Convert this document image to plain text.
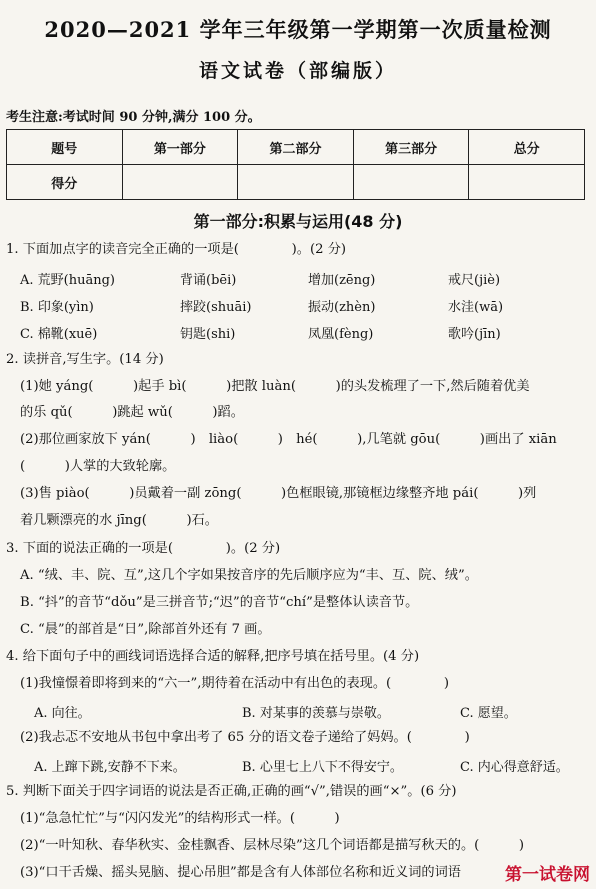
2020—2021 学年三年级第一学期第一次质量检测
语文试卷（部编版）
考生注意:考试时间 90 分钟,满分 100 分。
题号	第一部分	第二部分	第三部分	总分
得分				
第一部分:积累与运用(48 分)
1. 下面加点字的读音完全正确的一项是(　　　　)。(2 分)
A. 荒野(huāng)	背诵(bēi)	增加(zēng)	戒尺(jiè)
B. 印象(yìn)	摔跤(shuāi)	振动(zhèn)	水洼(wā)
C. 棉靴(xuē)	钥匙(shi)	凤凰(fèng)	歌吟(jīn)
2. 读拼音,写生字。(14 分)
(1)她 yáng(　　　)起手 bì(　　　)把散 luàn(　　　)的头发梳理了一下,然后随着优美
的乐 qǔ(　　　)跳起 wǔ(　　　)蹈。
(2)那位画家放下 yán(　　　)　liào(　　　)　hé(　　　),几笔就 gōu(　　　)画出了 xiān
(　　　)人掌的大致轮廓。
(3)售 piào(　　　)员戴着一副 zōng(　　　)色框眼镜,那镜框边缘整齐地 pái(　　　)列
着几颗漂亮的水 jīng(　　　)石。
3. 下面的说法正确的一项是(　　　　)。(2 分)
A. “绒、丰、院、互”,这几个字如果按音序的先后顺序应为“丰、互、院、绒”。
B. “抖”的音节“dǒu”是三拼音节;“迟”的音节“chí”是整体认读音节。
C. “晨”的部首是“日”,除部首外还有 7 画。
4. 给下面句子中的画线词语选择合适的解释,把序号填在括号里。(4 分)
(1)我憧憬着即将到来的“六一”,期待着在活动中有出色的表现。(　　　　)
A. 向往。	B. 对某事的羡慕与崇敬。	C. 愿望。
(2)我忐忑不安地从书包中拿出考了 65 分的语文卷子递给了妈妈。(　　　　)
A. 上蹿下跳,安静不下来。	B. 心里七上八下不得安宁。	C. 内心得意舒适。
5. 判断下面关于四字词语的说法是否正确,正确的画“√”,错误的画“×”。(6 分)
(1)“急急忙忙”与“闪闪发光”的结构形式一样。(　　　)
(2)“一叶知秋、春华秋实、金桂飘香、层林尽染”这几个词语都是描写秋天的。(　　　)
(3)“口干舌燥、摇头晃脑、提心吊胆”都是含有人体部位名称和近义词的词语	第一试卷网
